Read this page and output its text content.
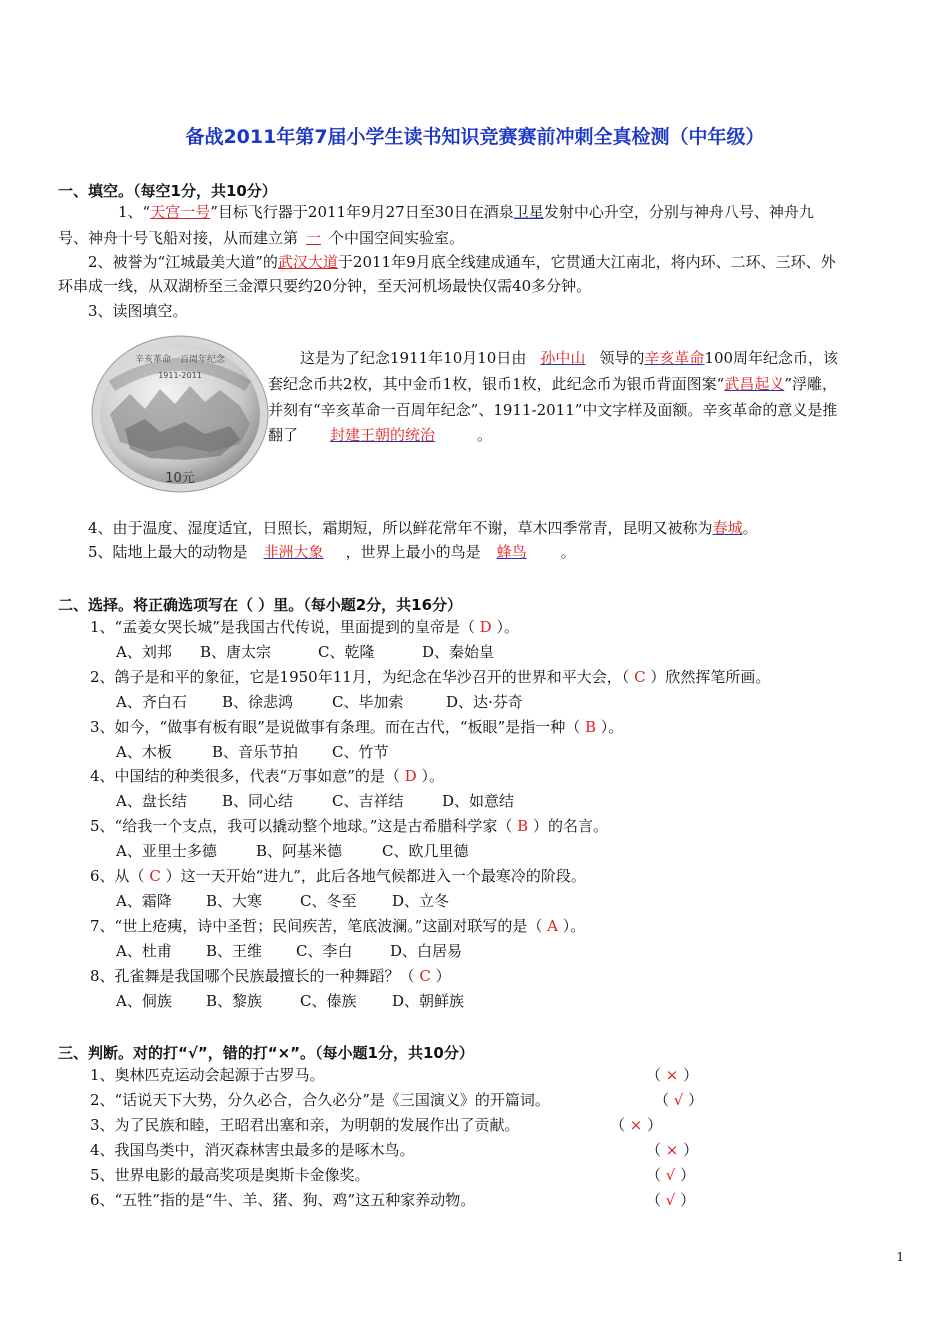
备战2011年第7届小学生读书知识竞赛赛前冲刺全真检测（中年级）
一、填空。（每空1分，共10分）
1、“天宫一号”目标飞行器于2011年9月27日至30日在酒泉卫星发射中心升空，分别与神舟八号、神舟九
号、神舟十号飞船对接，从而建立第 一 个中国空间实验室。
2、被誉为“江城最美大道”的武汉大道于2011年9月底全线建成通车，它贯通大江南北，将内环、二环、三环、外
环串成一线，从双湖桥至三金潭只要约20分钟，至天河机场最快仅需40多分钟。
3、读图填空。
辛亥革命一百周年纪念
1911-2011
10元
这是为了纪念1911年10月10日由 孙中山 领导的辛亥革命100周年纪念币，该
套纪念币共2枚，其中金币1枚，银币1枚，此纪念币为银币背面图案“武昌起义”浮雕，
并刻有“辛亥革命一百周年纪念”、1911-2011”中文字样及面额。辛亥革命的意义是推
翻了 封建王朝的统治	。
4、由于温度、湿度适宜，日照长，霜期短，所以鲜花常年不谢，草木四季常青，昆明又被称为春城。
5、陆地上最大的动物是 非洲大象 ，世界上最小的鸟是 蜂鸟 。
二、选择。将正确选项写在（ ）里。（每小题2分，共16分）
1、“孟姜女哭长城”是我国古代传说，里面提到的皇帝是（ D ）。
A、刘邦 B、唐太宗	C、乾隆	D、秦始皇
2、鸽子是和平的象征，它是1950年11月，为纪念在华沙召开的世界和平大会，（ C ）欣然挥笔所画。
A、齐白石 B、徐悲鸿	C、毕加索	D、达·芬奇
3、如今，“做事有板有眼”是说做事有条理。而在古代，“板眼”是指一种（ B ）。
A、木板	B、音乐节拍 C、竹节
4、中国结的种类很多，代表“万事如意”的是（ D ）。
A、盘长结 B、同心结	C、吉祥结	D、如意结
5、“给我一个支点，我可以撬动整个地球。”这是古希腊科学家（ B ）的名言。
A、亚里士多德	B、阿基米德	C、欧几里德
6、从（ C ）这一天开始“进九”，此后各地气候都进入一个最寒冷的阶段。
A、霜降 B、大寒	C、冬至 D、立冬
7、“世上疮痍，诗中圣哲；民间疾苦，笔底波澜。”这副对联写的是（ A ）。
A、杜甫 B、王维 C、李白	D、白居易
8、孔雀舞是我国哪个民族最擅长的一种舞蹈？（ C ）
A、侗族 B、黎族	C、傣族 D、朝鲜族
三、判断。对的打“√”，错的打“×”。（每小题1分，共10分）
1、奥林匹克运动会起源于古罗马。	（ × ）
2、“话说天下大势，分久必合，合久必分”是《三国演义》的开篇词。	（ √ ）
3、为了民族和睦，王昭君出塞和亲，为明朝的发展作出了贡献。	（ × ）
4、我国鸟类中，消灭森林害虫最多的是啄木鸟。	（ × ）
5、世界电影的最高奖项是奥斯卡金像奖。	（ √ ）
6、“五牲”指的是“牛、羊、猪、狗、鸡”这五种家养动物。	（ √ ）
1
